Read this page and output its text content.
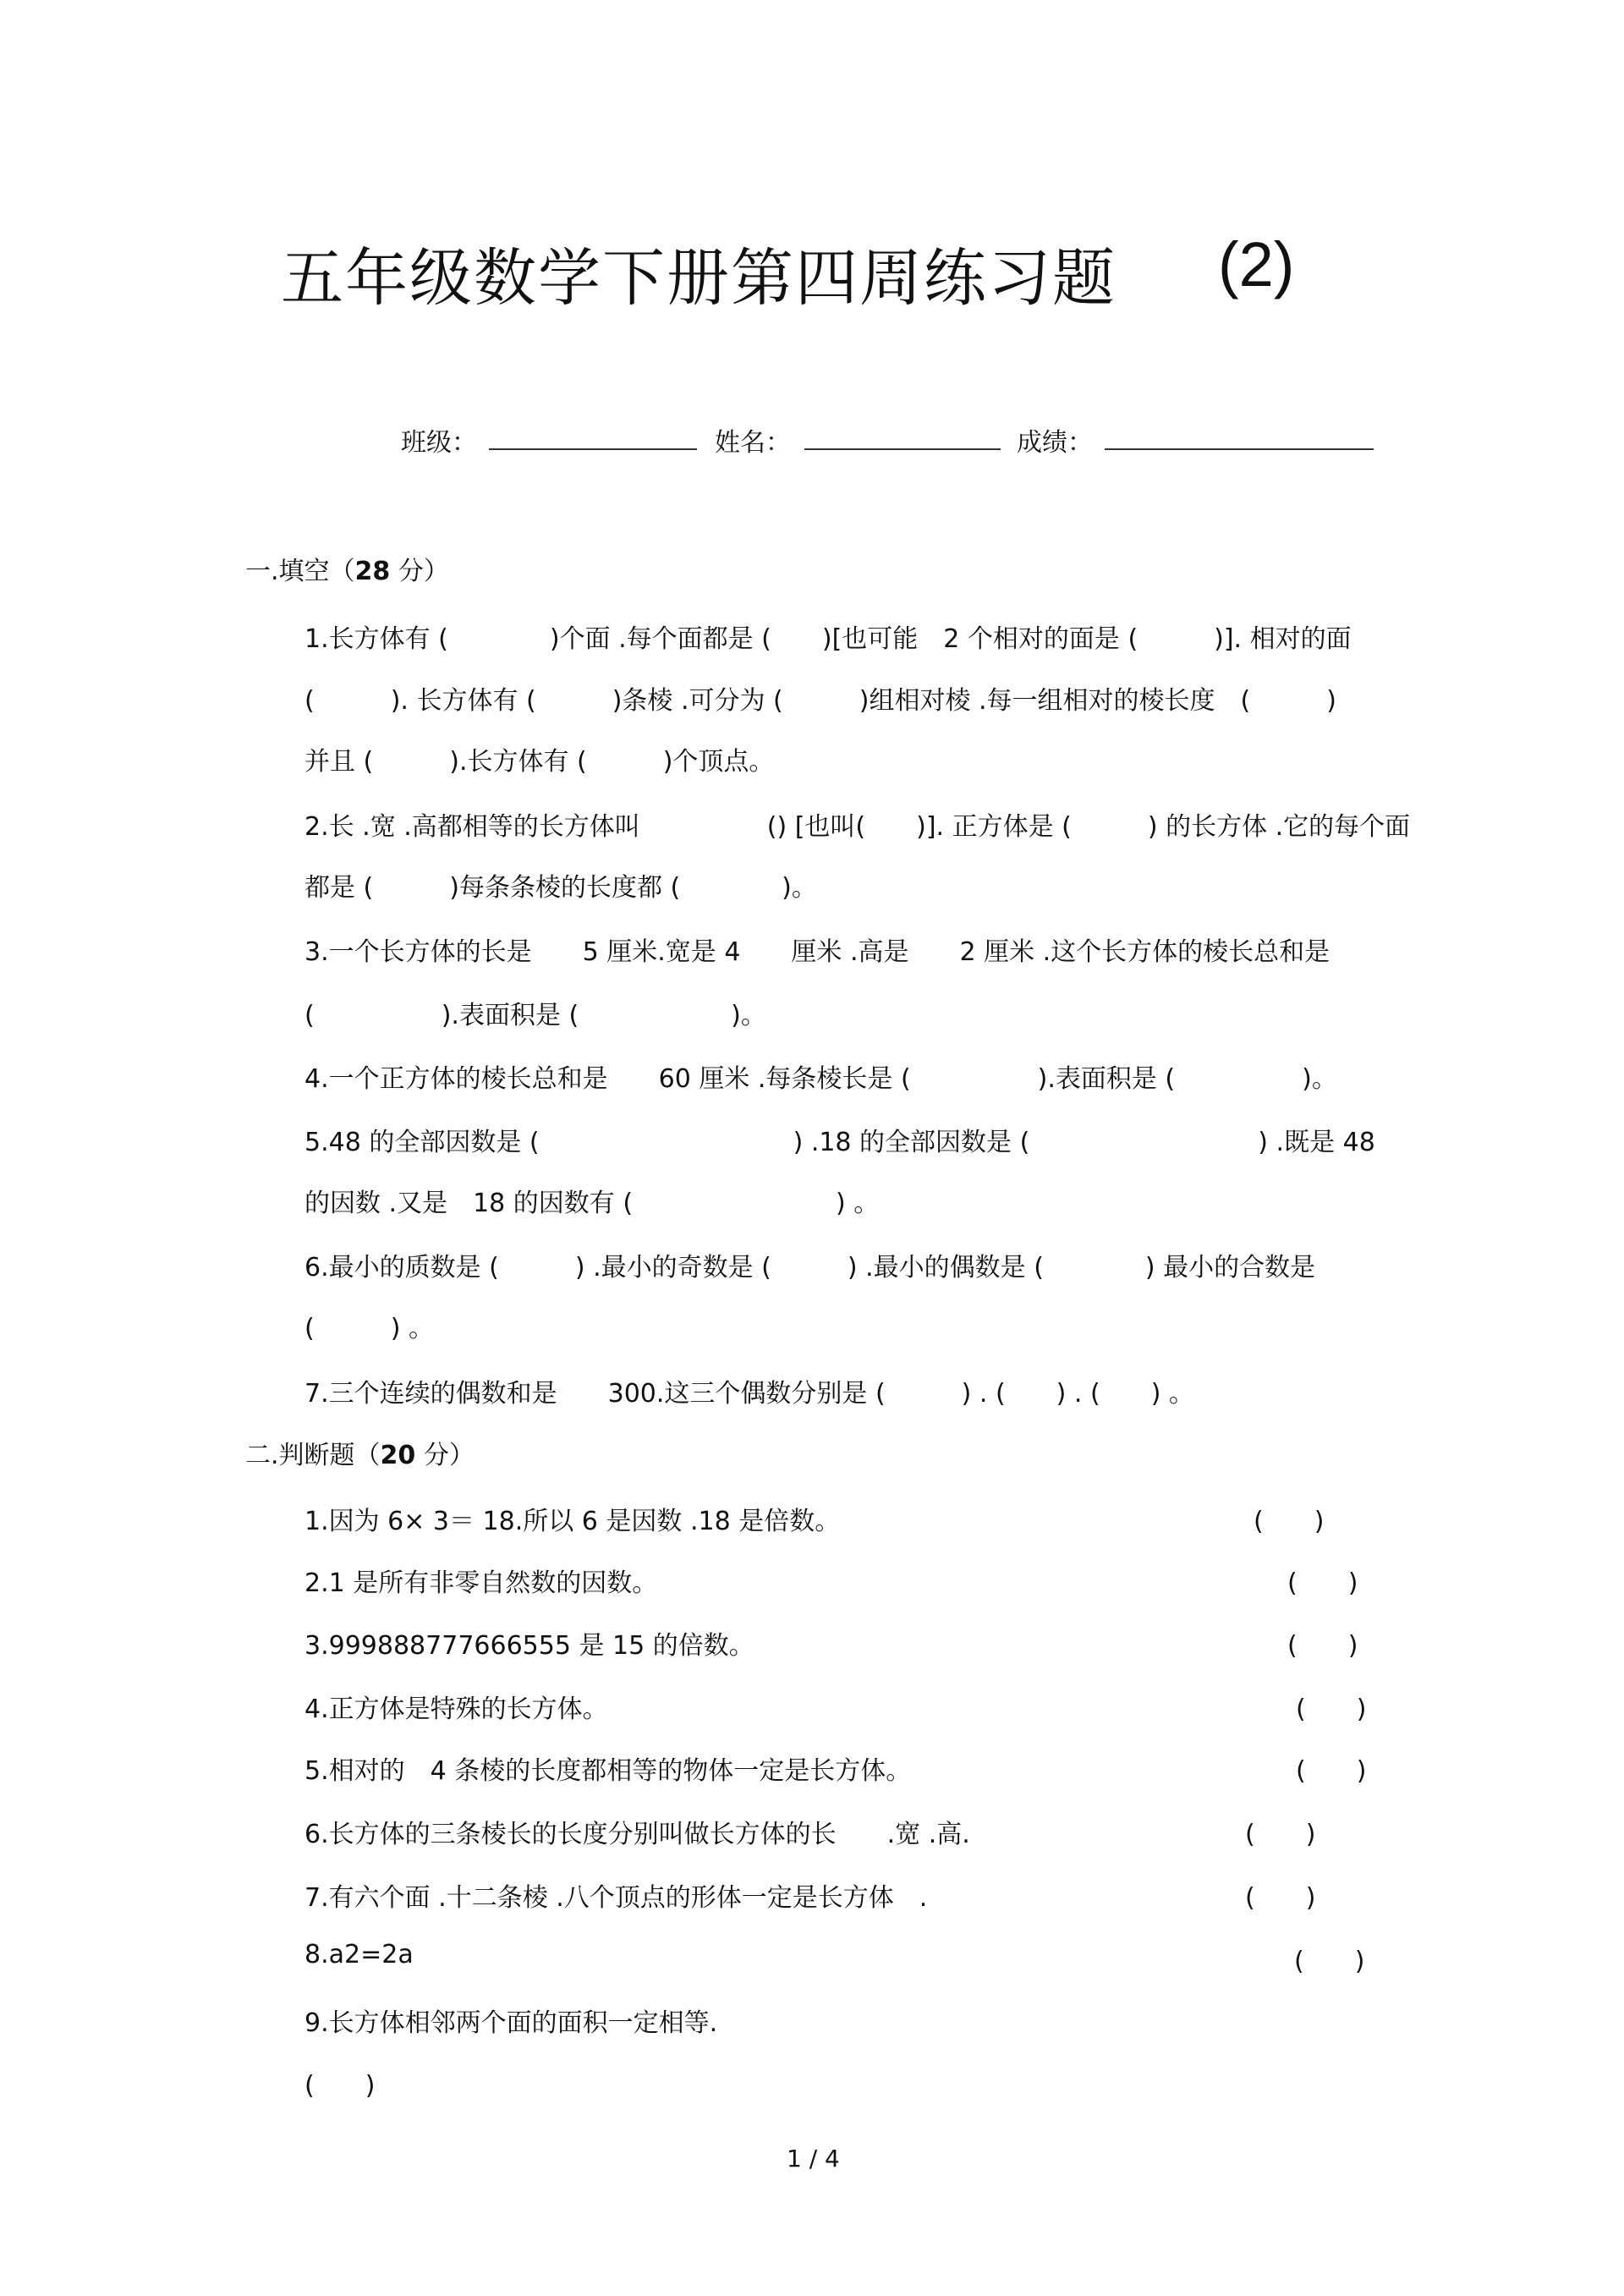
五年级数学下册第四周练习题 (2)
班级：	姓名：	成绩：
一.填空（28 分）
1.长方体有 (　　　　)个面 .每个面都是 (　　)[也可能　2 个相对的面是 (　　　)]. 相对的面
(　　　). 长方体有 (　　　)条棱 .可分为 (　　　)组相对棱 .每一组相对的棱长度　(　　　)
并且 (　　　).长方体有 (　　　)个顶点。
2.长 .宽 .高都相等的长方体叫　　　　　() [也叫(　　)]. 正方体是 (　　　) 的长方体 .它的每个面
都是 (　　　)每条条棱的长度都 (　　　　)。
3.一个长方体的长是　　5 厘米.宽是 4　　厘米 .高是　　2 厘米 .这个长方体的棱长总和是
(　　　　　).表面积是 (　　　　　　)。
4.一个正方体的棱长总和是　　60 厘米 .每条棱长是 (　　　　　).表面积是 (　　　　　)。
5.48 的全部因数是 (　　　　　　　　　　) .18 的全部因数是 (　　　　　　　　　) .既是 48
的因数 .又是　18 的因数有 (　　　　　　　　) 。
6.最小的质数是 (　　　) .最小的奇数是 (　　　) .最小的偶数是 (　　　　) 最小的合数是
(　　　) 。
7.三个连续的偶数和是　　300.这三个偶数分别是 (　　　) . (　　) . (　　) 。
二.判断题（20 分）
1.因为 6× 3＝ 18.所以 6 是因数 .18 是倍数。	(　　)
2.1 是所有非零自然数的因数。	(　　)
3.999888777666555 是 15 的倍数。	(　　)
4.正方体是特殊的长方体。	(　　)
5.相对的　4 条棱的长度都相等的物体一定是长方体。	(　　)
6.长方体的三条棱长的长度分别叫做长方体的长　　.宽 .高.	(　　)
7.有六个面 .十二条棱 .八个顶点的形体一定是长方体　.	(　　)
8.a2=2a	(　　)
9.长方体相邻两个面的面积一定相等.
(　　)
1 / 4
